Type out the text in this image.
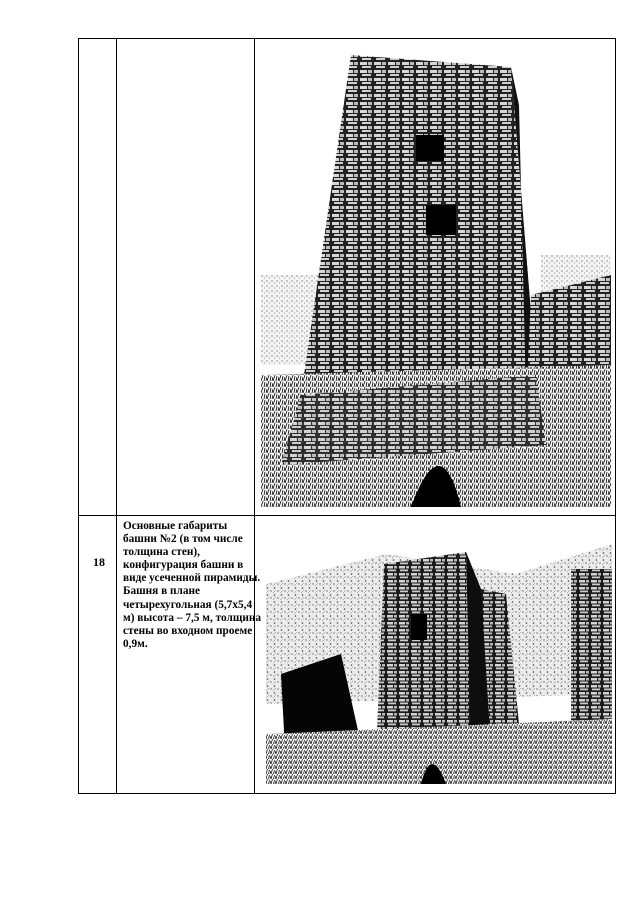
18

Основные габариты башни №2 (в том числе толщина стен), конфигурация башни в виде усеченной пирамиды.

Башня в плане четырехугольная (5,7х5,4 м) высота – 7,5 м, толщина стены во входном проеме 0,9м.
